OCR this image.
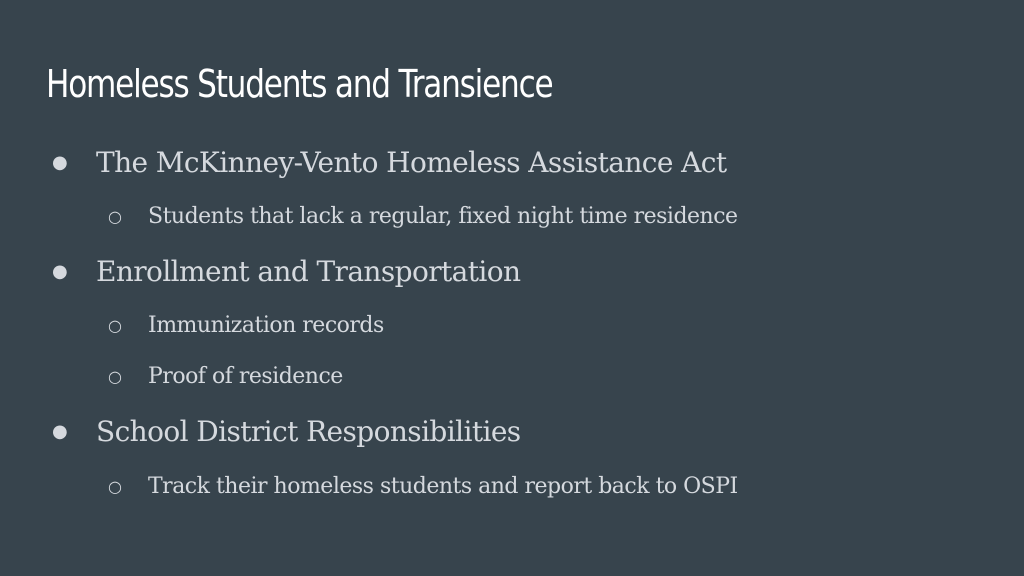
Homeless Students and Transience
● The McKinney-Vento Homeless Assistance Act
○ Students that lack a regular, fixed night time residence
● Enrollment and Transportation
○ Immunization records
○ Proof of residence
● School District Responsibilities
○ Track their homeless students and report back to OSPI
